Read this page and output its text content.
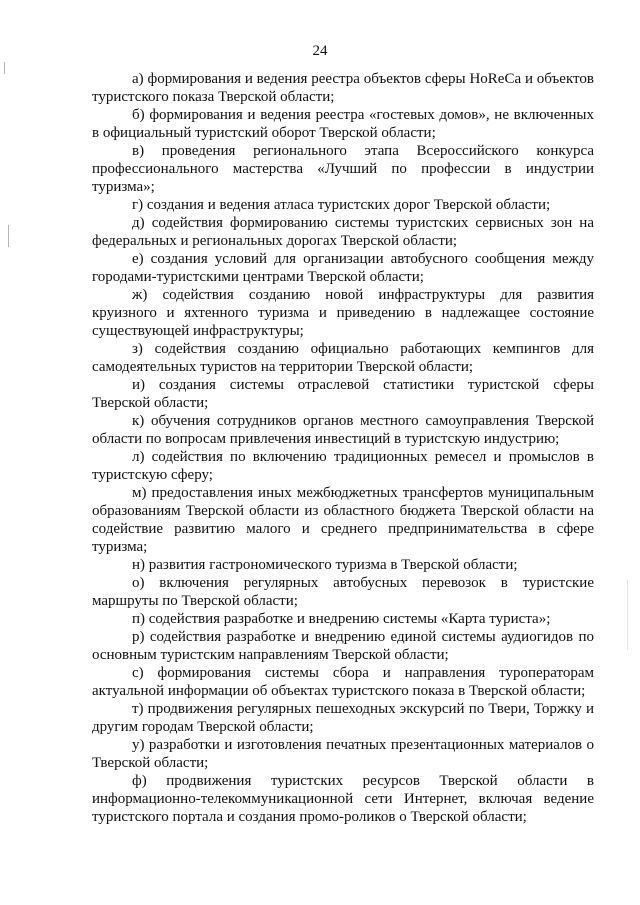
24

а) формирования и ведения реестра объектов сферы HoReCa и объектов туристского показа Тверской области;

б) формирования и ведения реестра «гостевых домов», не включенных в официальный туристский оборот Тверской области;

в) проведения регионального этапа Всероссийского конкурса профессионального мастерства «Лучший по профессии в индустрии туризма»;

г) создания и ведения атласа туристских дорог Тверской области;

д) содействия формированию системы туристских сервисных зон на федеральных и региональных дорогах Тверской области;

е) создания условий для организации автобусного сообщения между городами-туристскими центрами Тверской области;

ж) содействия созданию новой инфраструктуры для развития круизного и яхтенного туризма и приведению в надлежащее состояние существующей инфраструктуры;

з) содействия созданию официально работающих кемпингов для самодеятельных туристов на территории Тверской области;

и) создания системы отраслевой статистики туристской сферы Тверской области;

к) обучения сотрудников органов местного самоуправления Тверской области по вопросам привлечения инвестиций в туристскую индустрию;

л) содействия по включению традиционных ремесел и промыслов в туристскую сферу;

м) предоставления иных межбюджетных трансфертов муниципальным образованиям Тверской области из областного бюджета Тверской области на содействие развитию малого и среднего предпринимательства в сфере туризма;

н) развития гастрономического туризма в Тверской области;

о) включения регулярных автобусных перевозок в туристские маршруты по Тверской области;

п) содействия разработке и внедрению системы «Карта туриста»;

р) содействия разработке и внедрению единой системы аудиогидов по основным туристским направлениям Тверской области;

с) формирования системы сбора и направления туроператорам актуальной информации об объектах туристского показа в Тверской области;

т) продвижения регулярных пешеходных экскурсий по Твери, Торжку и другим городам Тверской области;

у) разработки и изготовления печатных презентационных материалов о Тверской области;

ф) продвижения туристских ресурсов Тверской области в информационно-телекоммуникационной сети Интернет, включая ведение туристского портала и создания промо-роликов о Тверской области;
